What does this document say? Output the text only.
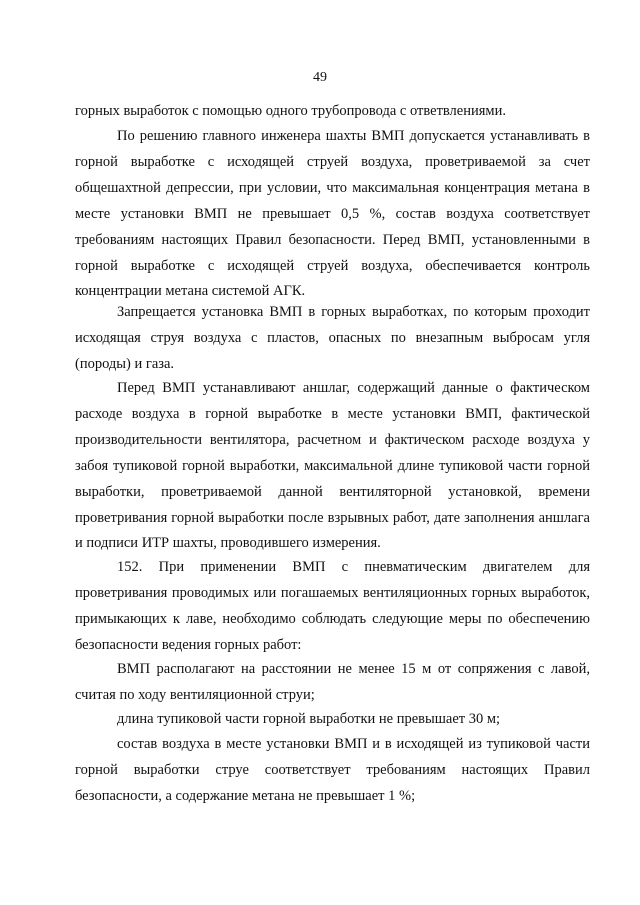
49

горных выработок с помощью одного трубопровода с ответвлениями.

По решению главного инженера шахты ВМП допускается устанавливать в горной выработке с исходящей струей воздуха, проветриваемой за счет общешахтной депрессии, при условии, что максимальная концентрация метана в месте установки ВМП не превышает 0,5 %, состав воздуха соответствует требованиям настоящих Правил безопасности. Перед ВМП, установленными в горной выработке с исходящей струей воздуха, обеспечивается контроль концентрации метана системой АГК.

Запрещается установка ВМП в горных выработках, по которым проходит исходящая струя воздуха с пластов, опасных по внезапным выбросам угля (породы) и газа.

Перед ВМП устанавливают аншлаг, содержащий данные о фактическом расходе воздуха в горной выработке в месте установки ВМП, фактической производительности вентилятора, расчетном и фактическом расходе воздуха у забоя тупиковой горной выработки, максимальной длине тупиковой части горной выработки, проветриваемой данной вентиляторной установкой, времени проветривания горной выработки после взрывных работ, дате заполнения аншлага и подписи ИТР шахты, проводившего измерения.

152. При применении ВМП с пневматическим двигателем для проветривания проводимых или погашаемых вентиляционных горных выработок, примыкающих к лаве, необходимо соблюдать следующие меры по обеспечению безопасности ведения горных работ:

ВМП располагают на расстоянии не менее 15 м от сопряжения с лавой, считая по ходу вентиляционной струи;

длина тупиковой части горной выработки не превышает 30 м;

состав воздуха в месте установки ВМП и в исходящей из тупиковой части горной выработки струе соответствует требованиям настоящих Правил безопасности, а содержание метана не превышает 1 %;
